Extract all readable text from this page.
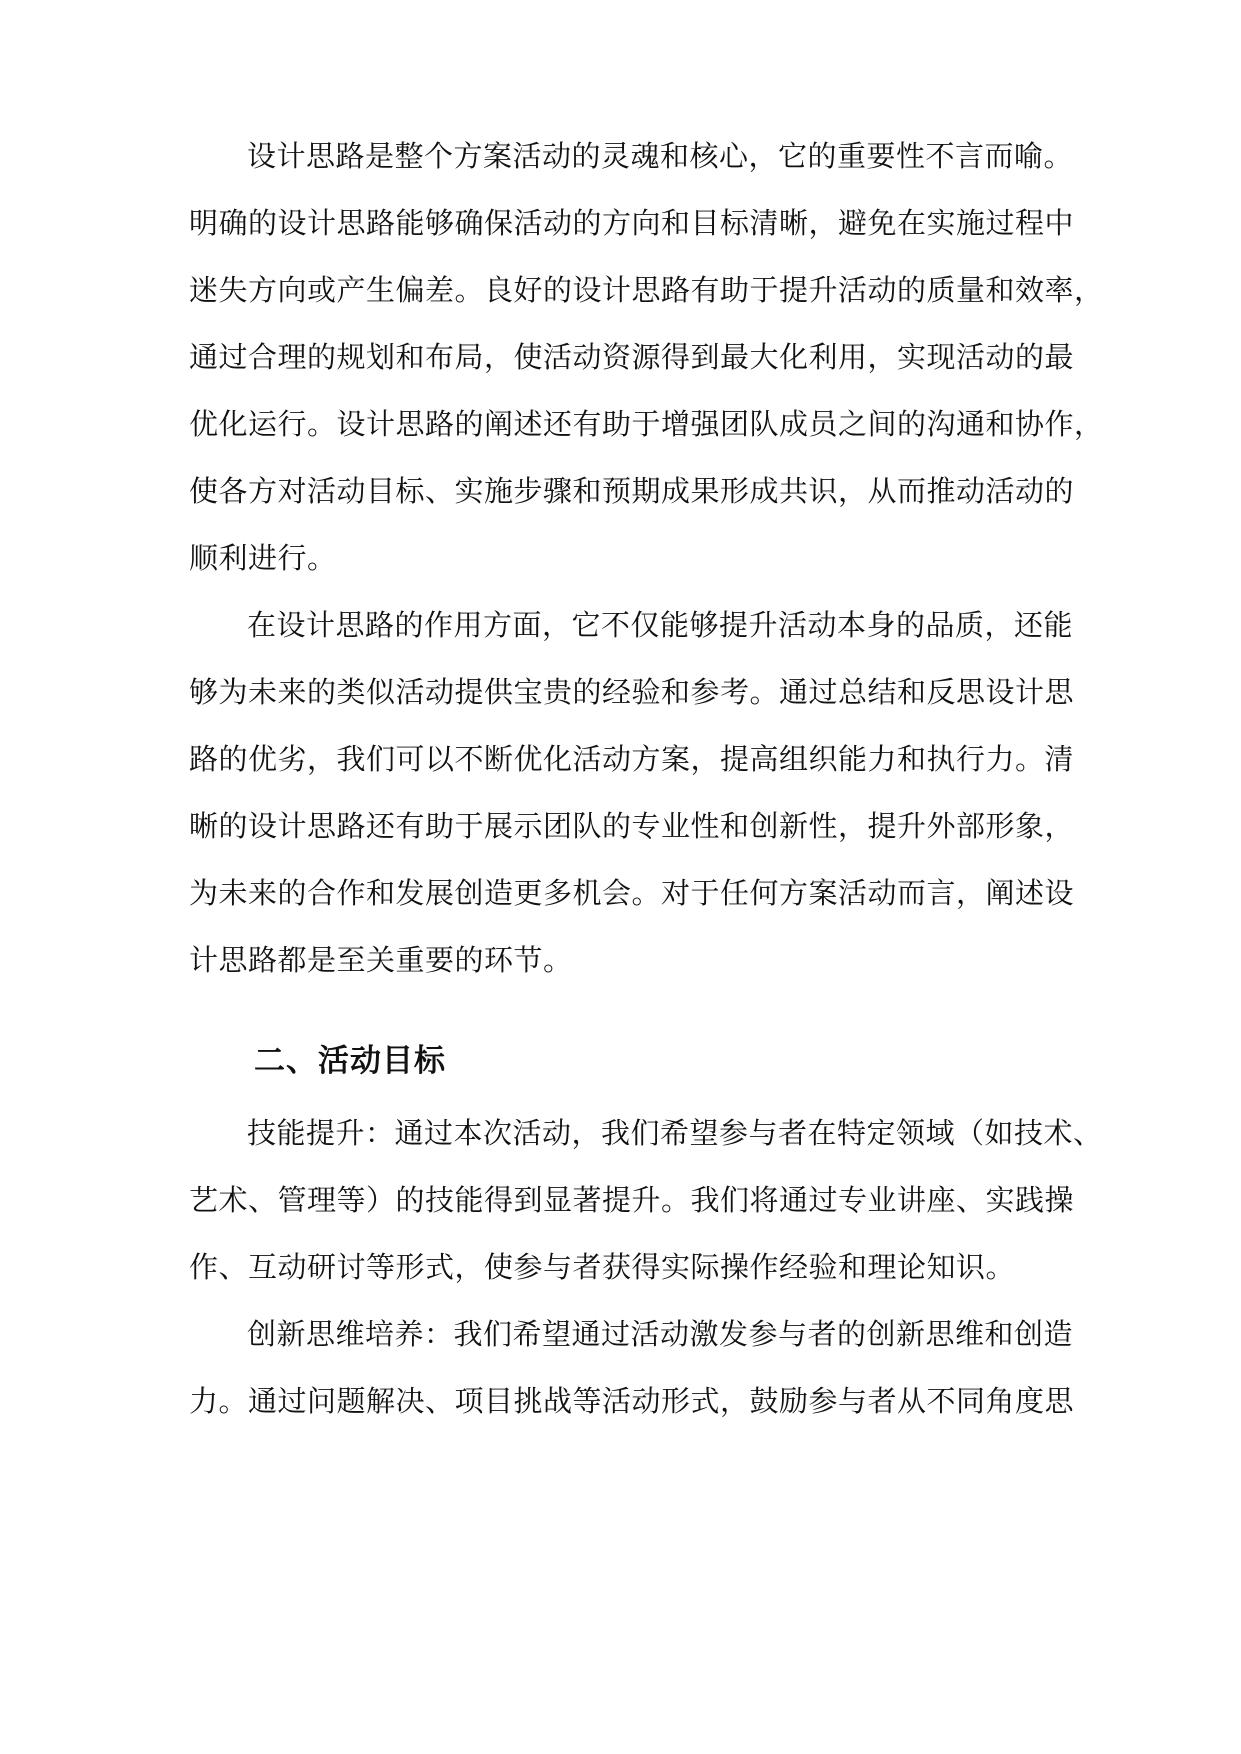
设计思路是整个方案活动的灵魂和核心，它的重要性不言而喻。
明确的设计思路能够确保活动的方向和目标清晰，避免在实施过程中
迷失方向或产生偏差。良好的设计思路有助于提升活动的质量和效率，
通过合理的规划和布局，使活动资源得到最大化利用，实现活动的最
优化运行。设计思路的阐述还有助于增强团队成员之间的沟通和协作，
使各方对活动目标、实施步骤和预期成果形成共识，从而推动活动的
顺利进行。
在设计思路的作用方面，它不仅能够提升活动本身的品质，还能
够为未来的类似活动提供宝贵的经验和参考。通过总结和反思设计思
路的优劣，我们可以不断优化活动方案，提高组织能力和执行力。清
晰的设计思路还有助于展示团队的专业性和创新性，提升外部形象，
为未来的合作和发展创造更多机会。对于任何方案活动而言，阐述设
计思路都是至关重要的环节。
二、活动目标
技能提升：通过本次活动，我们希望参与者在特定领域（如技术、
艺术、管理等）的技能得到显著提升。我们将通过专业讲座、实践操
作、互动研讨等形式，使参与者获得实际操作经验和理论知识。
创新思维培养：我们希望通过活动激发参与者的创新思维和创造
力。通过问题解决、项目挑战等活动形式，鼓励参与者从不同角度思
